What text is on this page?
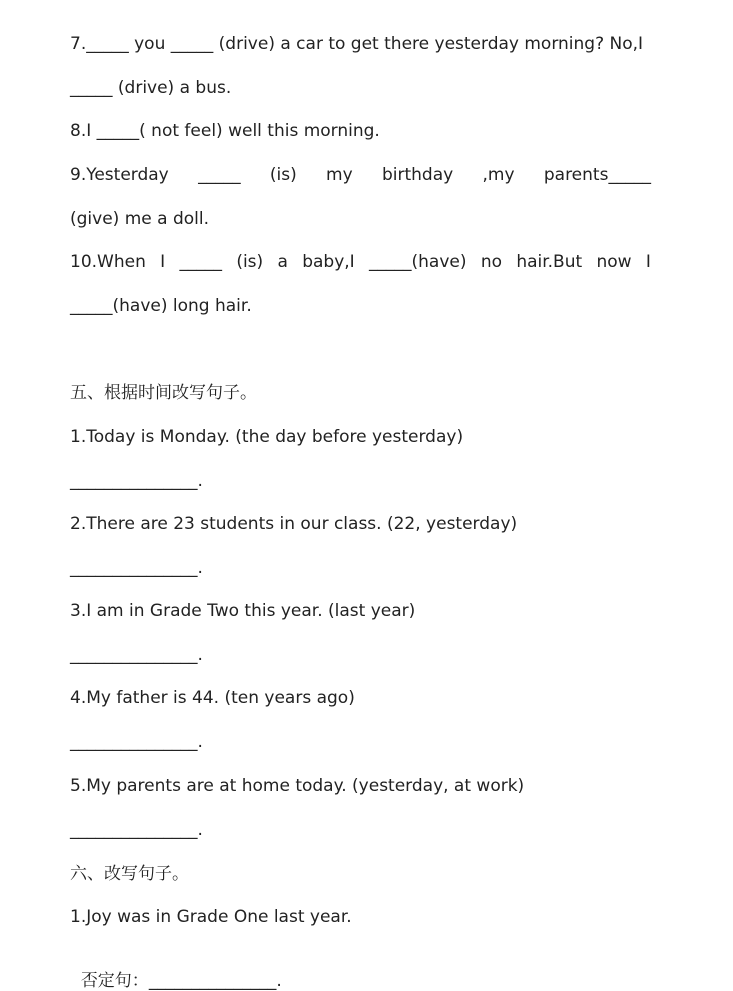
7._____ you _____ (drive) a car to get there yesterday morning? No,I
_____ (drive) a bus.
8.I _____( not feel) well this morning.
9.Yesterday _____ (is) my birthday ,my parents_____
(give) me a doll.
10.When I _____ (is) a baby,I _____(have) no hair.But now I
_____(have) long hair.
五、根据时间改写句子。
1.Today is Monday. (the day before yesterday)
_______________.
2.There are 23 students in our class. (22, yesterday)
_______________.
3.I am in Grade Two this year. (last year)
_______________.
4.My father is 44. (ten years ago)
_______________.
5.My parents are at home today. (yesterday, at work)
_______________.
六、改写句子。
1.Joy was in Grade One last year.

否定句：_______________.
